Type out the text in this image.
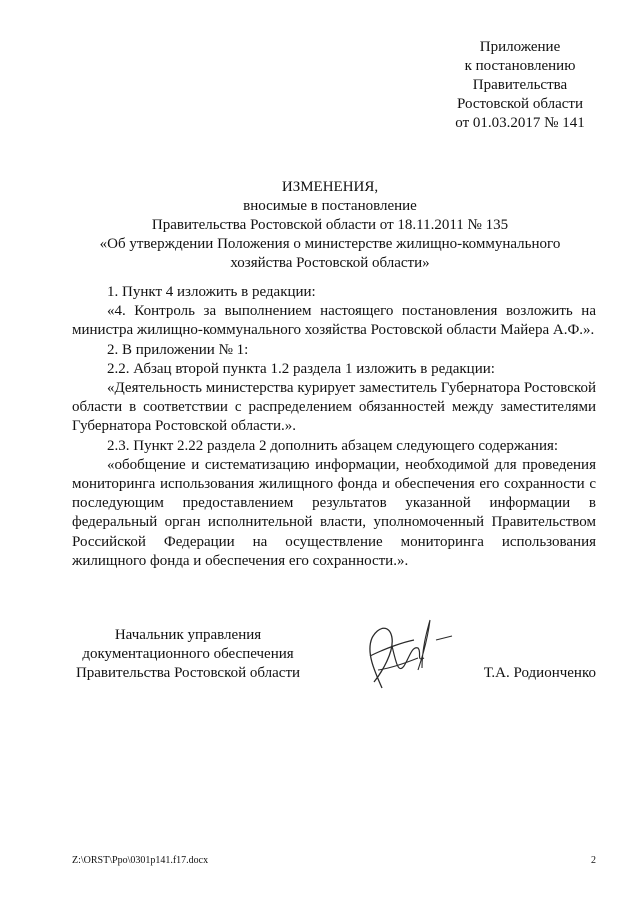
Приложение
к постановлению
Правительства
Ростовской области
от 01.03.2017 № 141
ИЗМЕНЕНИЯ,
вносимые в постановление
Правительства Ростовской области от 18.11.2011 № 135
«Об утверждении Положения о министерстве жилищно-коммунального
хозяйства Ростовской области»

1. Пункт 4 изложить в редакции:

«4. Контроль за выполнением настоящего постановления возложить на министра жилищно-коммунального хозяйства Ростовской области Майера А.Ф.».

2. В приложении № 1:

2.2. Абзац второй пункта 1.2 раздела 1 изложить в редакции:

«Деятельность министерства курирует заместитель Губернатора Ростовской области в соответствии с распределением обязанностей между заместителями Губернатора Ростовской области.».

2.3. Пункт 2.22 раздела 2 дополнить абзацем следующего содержания:

«обобщение и систематизацию информации, необходимой для проведения мониторинга использования жилищного фонда и обеспечения его сохранности с последующим предоставлением результатов указанной информации в федеральный орган исполнительной власти, уполномоченный Правительством Российской Федерации на осуществление мониторинга использования жилищного фонда и обеспечения его сохранности.».

Начальник управления
документационного обеспечения
Правительства Ростовской области	Т.А. Родионченко
Z:\ORST\Ppo\0301p141.f17.docx	2
